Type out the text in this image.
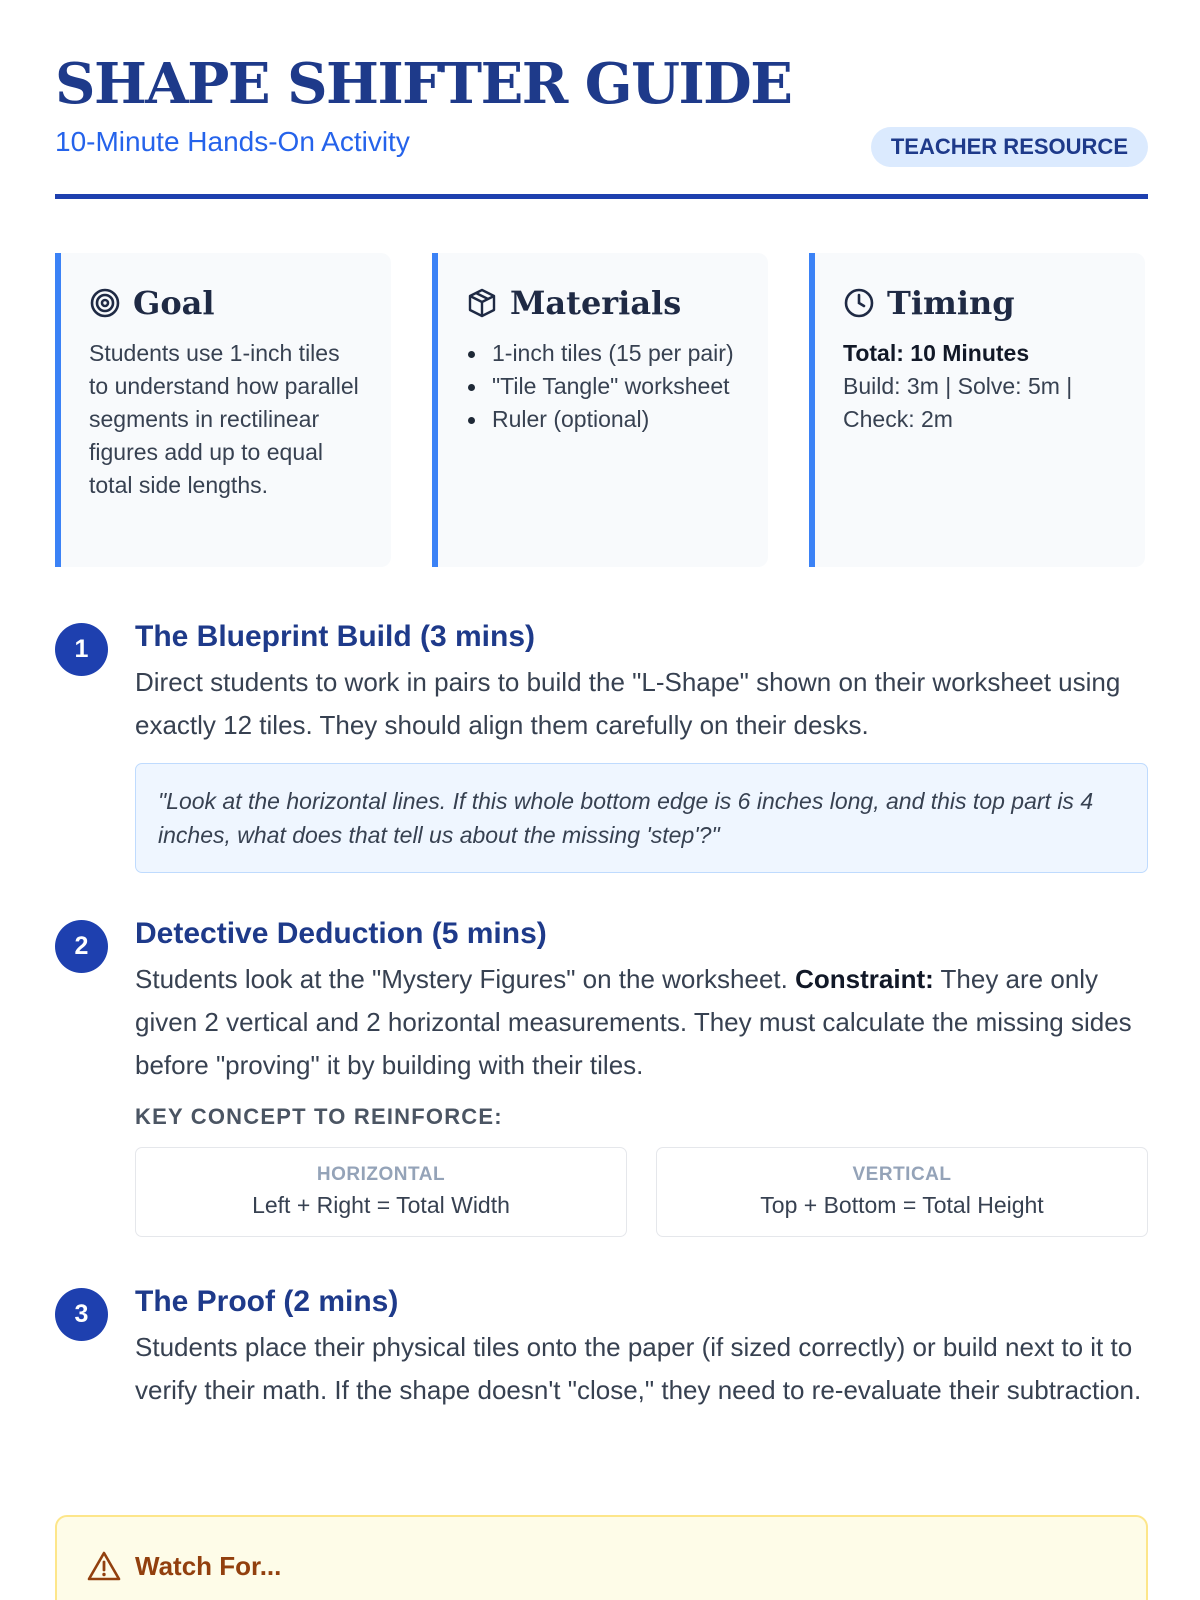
SHAPE SHIFTER GUIDE
10-Minute Hands-On Activity	TEACHER RESOURCE
Goal

Students use 1-inch tiles to understand how parallel segments in rectilinear figures add up to equal total side lengths.

Materials
1-inch tiles (15 per pair)
"Tile Tangle" worksheet
Ruler (optional)
Timing
Total: 10 Minutes
Build: 3m | Solve: 5m | Check: 2m
1	The Blueprint Build (3 mins)

Direct students to work in pairs to build the "L-Shape" shown on their worksheet using exactly 12 tiles. They should align them carefully on their desks.

"Look at the horizontal lines. If this whole bottom edge is 6 inches long, and this top part is 4 inches, what does that tell us about the missing 'step'?"
2	Detective Deduction (5 mins)

Students look at the "Mystery Figures" on the worksheet. Constraint: They are only given 2 vertical and 2 horizontal measurements. They must calculate the missing sides before "proving" it by building with their tiles.

KEY CONCEPT TO REINFORCE:
HORIZONTAL
Left + Right = Total Width
VERTICAL
Top + Bottom = Total Height
3	The Proof (2 mins)

Students place their physical tiles onto the paper (if sized correctly) or build next to it to verify their math. If the shape doesn't "close," they need to re-evaluate their subtraction.

Watch For...
